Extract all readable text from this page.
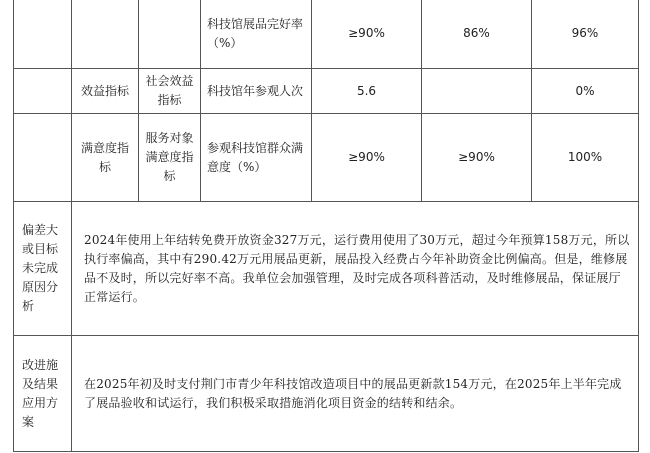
			科技馆展品完好率（%）	≥90%	86%	96%
	效益指标	社会效益指标	科技馆年参观人次	5.6		0%
	满意度指标	服务对象满意度指标	参观科技馆群众满意度（%）	≥90%	≥90%	100%
偏差大或目标未完成原因分析	2024年使用上年结转免费开放资金327万元，运行费用使用了30万元，超过今年预算158万元，所以执行率偏高，其中有290.42万元用展品更新，展品投入经费占今年补助资金比例偏高。但是，维修展品不及时，所以完好率不高。我单位会加强管理，及时完成各项科普活动，及时维修展品，保证展厅正常运行。					
改进施及结果应用方案	在2025年初及时支付荆门市青少年科技馆改造项目中的展品更新款154万元，在2025年上半年完成了展品验收和试运行，我们积极采取措施消化项目资金的结转和结余。					
